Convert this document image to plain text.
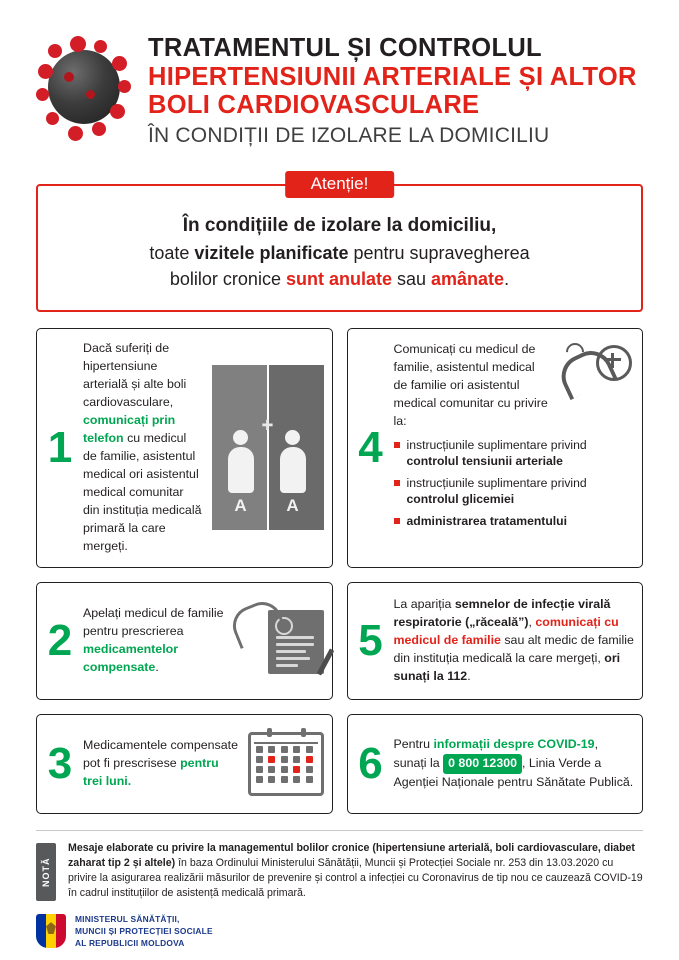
TRATAMENTUL ȘI CONTROLUL
HIPERTENSIUNII ARTERIALE ȘI ALTOR
BOLI CARDIOVASCULARE
ÎN CONDIȚII DE IZOLARE LA DOMICILIU
Atenție!
În condițiile de izolare la domiciliu,
toate vizitele planificate pentru supravegherea
bolilor cronice sunt anulate sau amânate.
1
Dacă suferiți de hipertensiune arterială și alte boli cardiovasculare, comunicați prin telefon cu medicul de familie, asistentul medical ori asistentul medical comunitar din instituția medicală primară la care mergeți.
✚
A	A
2
Apelați medicul de familie pentru prescrierea medicamentelor compensate.
3 Medicamentele compensate pot fi prescrisese pentru trei luni.
4
Comunicați cu medicul de familie, asistentul medical de familie ori asistentul medical comunitar cu privire la:
instrucțiunile suplimentare privind controlul tensiunii arteriale
instrucțiunile suplimentare privind controlul glicemiei
administrarea tratamentului
5
La apariția semnelor de infecție virală respiratorie („răceală”), comunicați cu medicul de familie sau alt medic de familie din instituția medicală la care mergeți, ori sunați la 112.
6 Pentru informații despre COVID-19, sunați la 0 800 12300 , Linia Verde a Agenției Naționale pentru Sănătate Publică.
NOTĂ
Mesaje elaborate cu privire la managementul bolilor cronice (hipertensiune arterială, boli cardiovasculare, diabet zaharat tip 2 și altele) în baza Ordinului Ministerului Sănătății, Muncii și Protecției Sociale nr. 253 din 13.03.2020 cu privire la asigurarea realizării măsurilor de prevenire și control a infecției cu Coronavirus de tip nou ce cauzează COVID-19 în cadrul instituțiilor de asistență medicală primară.
MINISTERUL SĂNĂTĂȚII,
MUNCII ȘI PROTECȚIEI SOCIALE
AL REPUBLICII MOLDOVA
